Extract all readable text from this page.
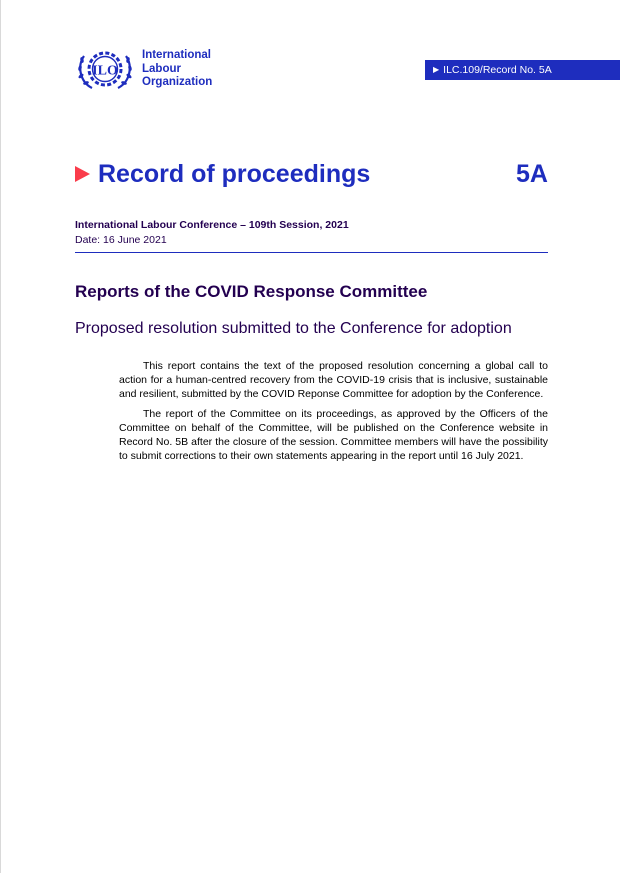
ILO
International
Labour
Organization
▶ ILC.109/Record No. 5A
Record of proceedings	5A
International Labour Conference – 109th Session, 2021
Date: 16 June 2021
Reports of the COVID Response Committee
Proposed resolution submitted to the Conference for adoption

This report contains the text of the proposed resolution concerning a global call to action for a human-centred recovery from the COVID-19 crisis that is inclusive, sustainable and resilient, submitted by the COVID Reponse Committee for adoption by the Conference.

The report of the Committee on its proceedings, as approved by the Officers of the Committee on behalf of the Committee, will be published on the Conference website in Record No. 5B after the closure of the session. Committee members will have the possibility to submit corrections to their own statements appearing in the report until 16 July 2021.
